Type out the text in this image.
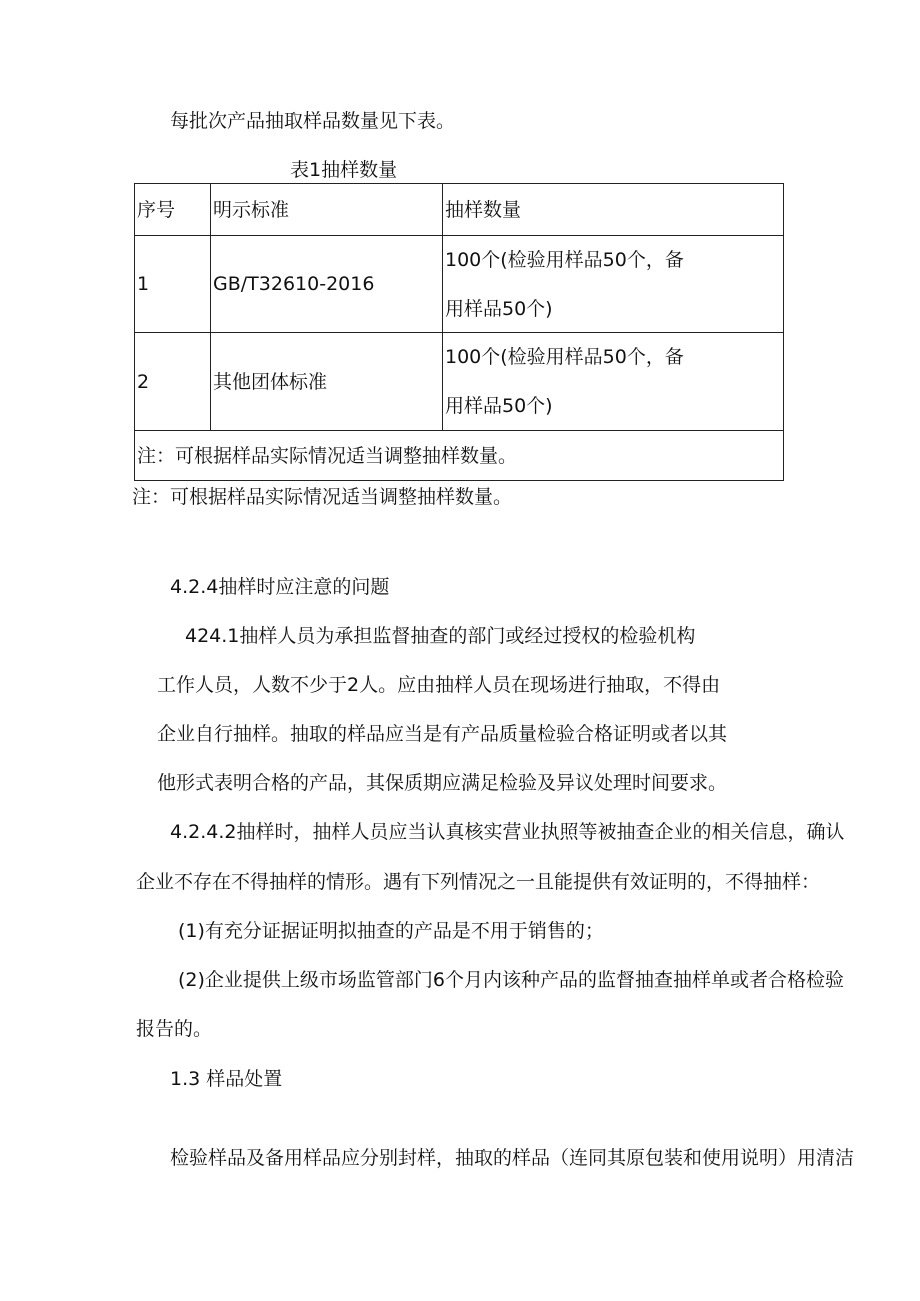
每批次产品抽取样品数量见下表。
表1抽样数量
序号	明示标准	抽样数量
1	GB/T32610-2016	100个(检验用样品50个，备
用样品50个)

2	其他团体标准	100个(检验用样品50个，备
用样品50个)

注：可根据样品实际情况适当调整抽样数量。		
注：可根据样品实际情况适当调整抽样数量。
4.2.4抽样时应注意的问题
424.1抽样人员为承担监督抽查的部门或经过授权的检验机构
工作人员，人数不少于2人。应由抽样人员在现场进行抽取，不得由
企业自行抽样。抽取的样品应当是有产品质量检验合格证明或者以其
他形式表明合格的产品，其保质期应满足检验及异议处理时间要求。
4.2.4.2抽样时，抽样人员应当认真核实营业执照等被抽查企业的相关信息，确认
企业不存在不得抽样的情形。遇有下列情况之一且能提供有效证明的，不得抽样：
(1)有充分证据证明拟抽查的产品是不用于销售的；
(2)企业提供上级市场监管部门6个月内该种产品的监督抽查抽样单或者合格检验
报告的。
1.3 样品处置
检验样品及备用样品应分别封样，抽取的样品（连同其原包装和使用说明）用清洁
